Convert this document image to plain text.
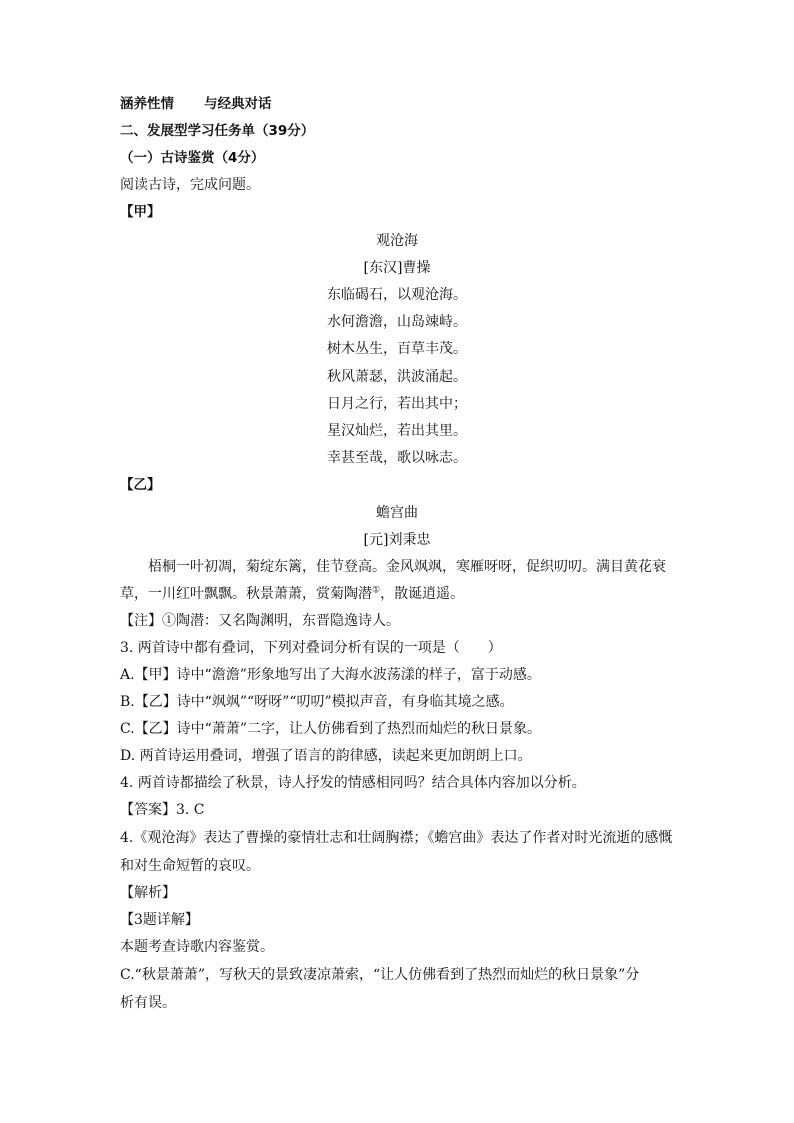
涵养性情 与经典对话
二、发展型学习任务单（39分）
（一）古诗鉴赏（4分）
阅读古诗，完成问题。
【甲】
观沧海
[东汉]曹操
东临碣石，以观沧海。
水何澹澹，山岛竦峙。
树木丛生，百草丰茂。
秋风萧瑟，洪波涌起。
日月之行，若出其中；
星汉灿烂，若出其里。
幸甚至哉，歌以咏志。
【乙】
蟾宫曲
[元]刘秉忠
梧桐一叶初凋，菊绽东篱，佳节登高。金风飒飒，寒雁呀呀，促织叨叨。满目黄花衰
草，一川红叶飘飘。秋景萧萧，赏菊陶潜①，散诞逍遥。
【注】①陶潜：又名陶渊明，东晋隐逸诗人。
3. 两首诗中都有叠词，下列对叠词分析有误的一项是（　　）
A.【甲】诗中“澹澹”形象地写出了大海水波荡漾的样子，富于动感。
B.【乙】诗中“飒飒”“呀呀”“叨叨”模拟声音，有身临其境之感。
C.【乙】诗中“萧萧”二字，让人仿佛看到了热烈而灿烂的秋日景象。
D. 两首诗运用叠词，增强了语言的韵律感，读起来更加朗朗上口。
4. 两首诗都描绘了秋景，诗人抒发的情感相同吗？结合具体内容加以分析。
【答案】3. C
4.《观沧海》表达了曹操的豪情壮志和壮阔胸襟；《蟾宫曲》表达了作者对时光流逝的感慨
和对生命短暂的哀叹。
【解析】
【3题详解】
本题考查诗歌内容鉴赏。
C.“秋景萧萧”，写秋天的景致凄凉萧索，“让人仿佛看到了热烈而灿烂的秋日景象”分
析有误。
